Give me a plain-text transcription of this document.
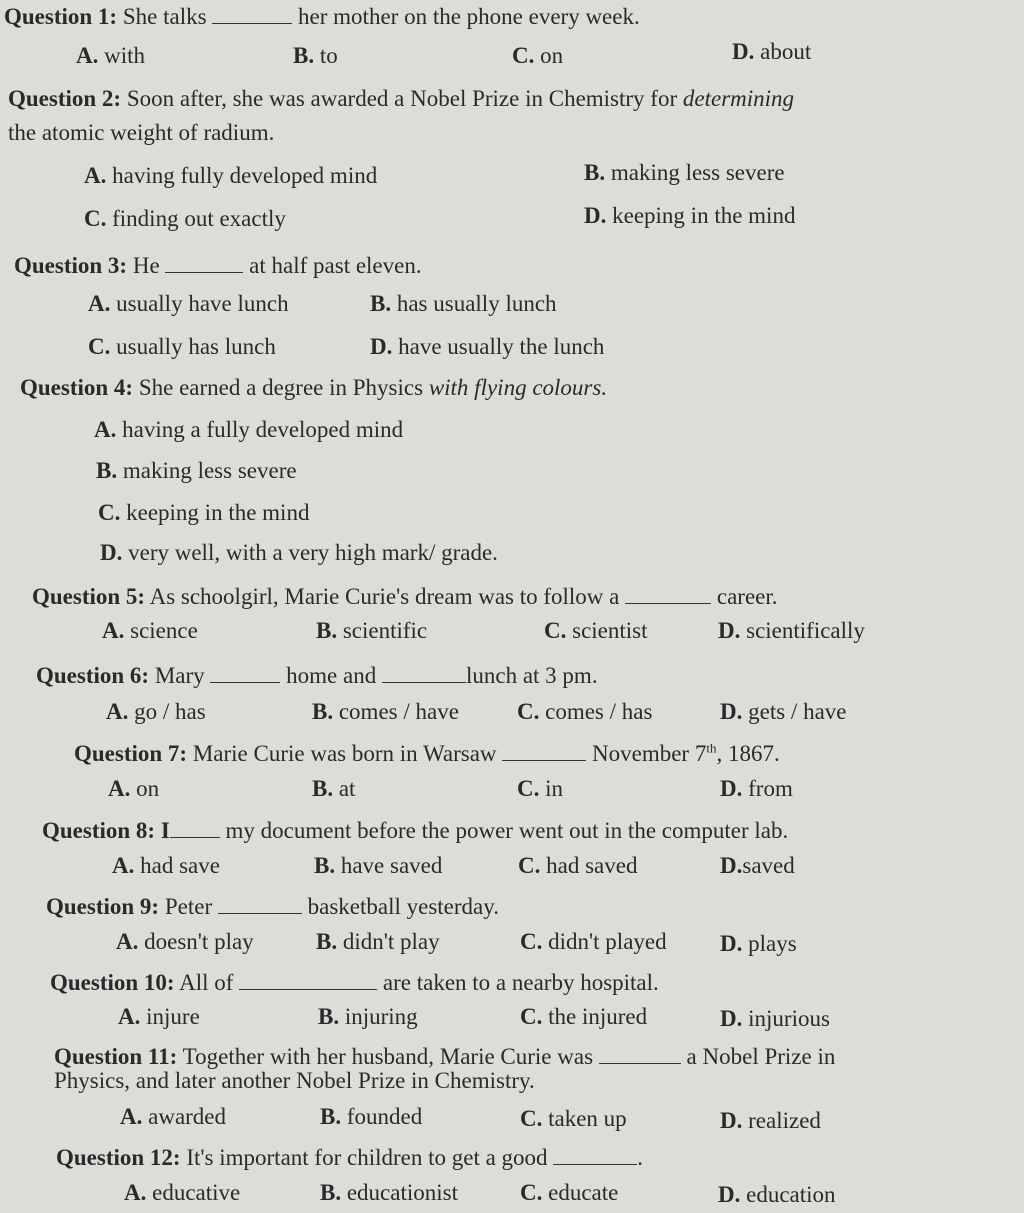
Question 1: She talks	her mother on the phone every week.
A. with	B. to	C. on	D. about
Question 2: Soon after, she was awarded a Nobel Prize in Chemistry for determining
the atomic weight of radium.
A. having fully developed mind	B. making less severe
C. finding out exactly	D. keeping in the mind
Question 3: He	at half past eleven.
A. usually have lunch	B. has usually lunch
C. usually has lunch	D. have usually the lunch
Question 4: She earned a degree in Physics with flying colours.
A. having a fully developed mind
B. making less severe
C. keeping in the mind
D. very well, with a very high mark/ grade.
Question 5: As schoolgirl, Marie Curie's dream was to follow a	career.
A. science	B. scientific	C. scientist	D. scientifically
Question 6: Mary	home and	lunch at 3 pm.
A. go / has	B. comes / have	C. comes / has	D. gets / have
Question 7: Marie Curie was born in Warsaw	November 7th, 1867.
A. on	B. at	C. in	D. from
Question 8: I my document before the power went out in the computer lab.
A. had save	B. have saved	C. had saved	D.saved
Question 9: Peter	basketball yesterday.
A. doesn't play	B. didn't play	C. didn't played D. plays
Question 10: All of	are taken to a nearby hospital.
A. injure	B. injuring	C. the injured	D. injurious
Question 11: Together with her husband, Marie Curie was	a Nobel Prize in
Physics, and later another Nobel Prize in Chemistry.
A. awarded	B. founded	C. taken up	D. realized
Question 12: It's important for children to get a good	.
A. educative	B. educationist	C. educate	D. education
